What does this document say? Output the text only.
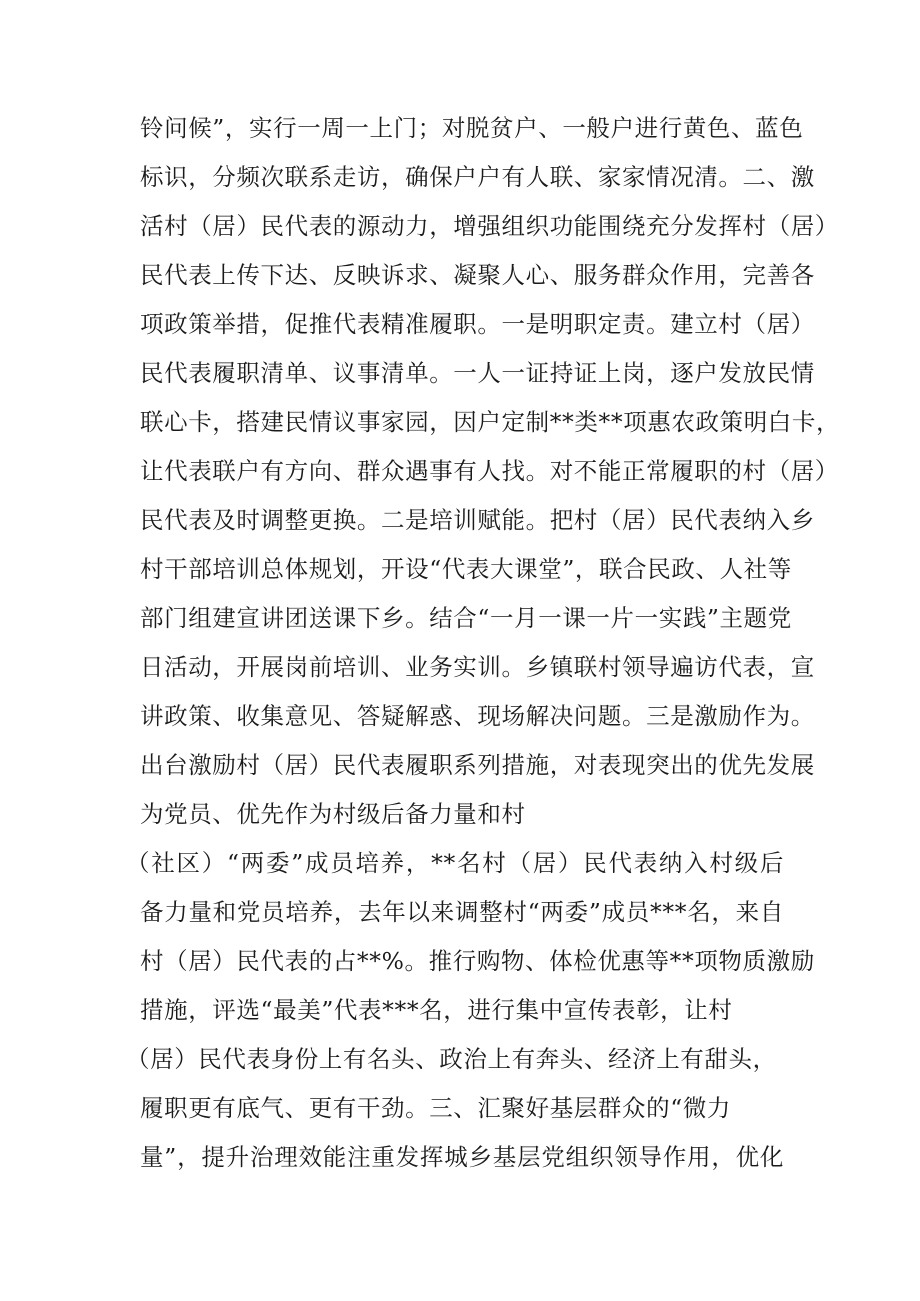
铃问候”，实行一周一上门；对脱贫户、一般户进行黄色、蓝色
标识，分频次联系走访，确保户户有人联、家家情况清。二、激
活村（居）民代表的源动力，增强组织功能围绕充分发挥村（居）
民代表上传下达、反映诉求、凝聚人心、服务群众作用，完善各
项政策举措，促推代表精准履职。一是明职定责。建立村（居）
民代表履职清单、议事清单。一人一证持证上岗，逐户发放民情
联心卡，搭建民情议事家园，因户定制**类**项惠农政策明白卡，
让代表联户有方向、群众遇事有人找。对不能正常履职的村（居）
民代表及时调整更换。二是培训赋能。把村（居）民代表纳入乡
村干部培训总体规划，开设“代表大课堂”，联合民政、人社等
部门组建宣讲团送课下乡。结合“一月一课一片一实践”主题党
日活动，开展岗前培训、业务实训。乡镇联村领导遍访代表，宣
讲政策、收集意见、答疑解惑、现场解决问题。三是激励作为。
出台激励村（居）民代表履职系列措施，对表现突出的优先发展
为党员、优先作为村级后备力量和村
（社区）“两委”成员培养，**名村（居）民代表纳入村级后
备力量和党员培养，去年以来调整村“两委”成员***名，来自
村（居）民代表的占**%。推行购物、体检优惠等**项物质激励
措施，评选“最美”代表***名，进行集中宣传表彰，让村
（居）民代表身份上有名头、政治上有奔头、经济上有甜头，
履职更有底气、更有干劲。三、汇聚好基层群众的“微力
量”，提升治理效能注重发挥城乡基层党组织领导作用，优化
